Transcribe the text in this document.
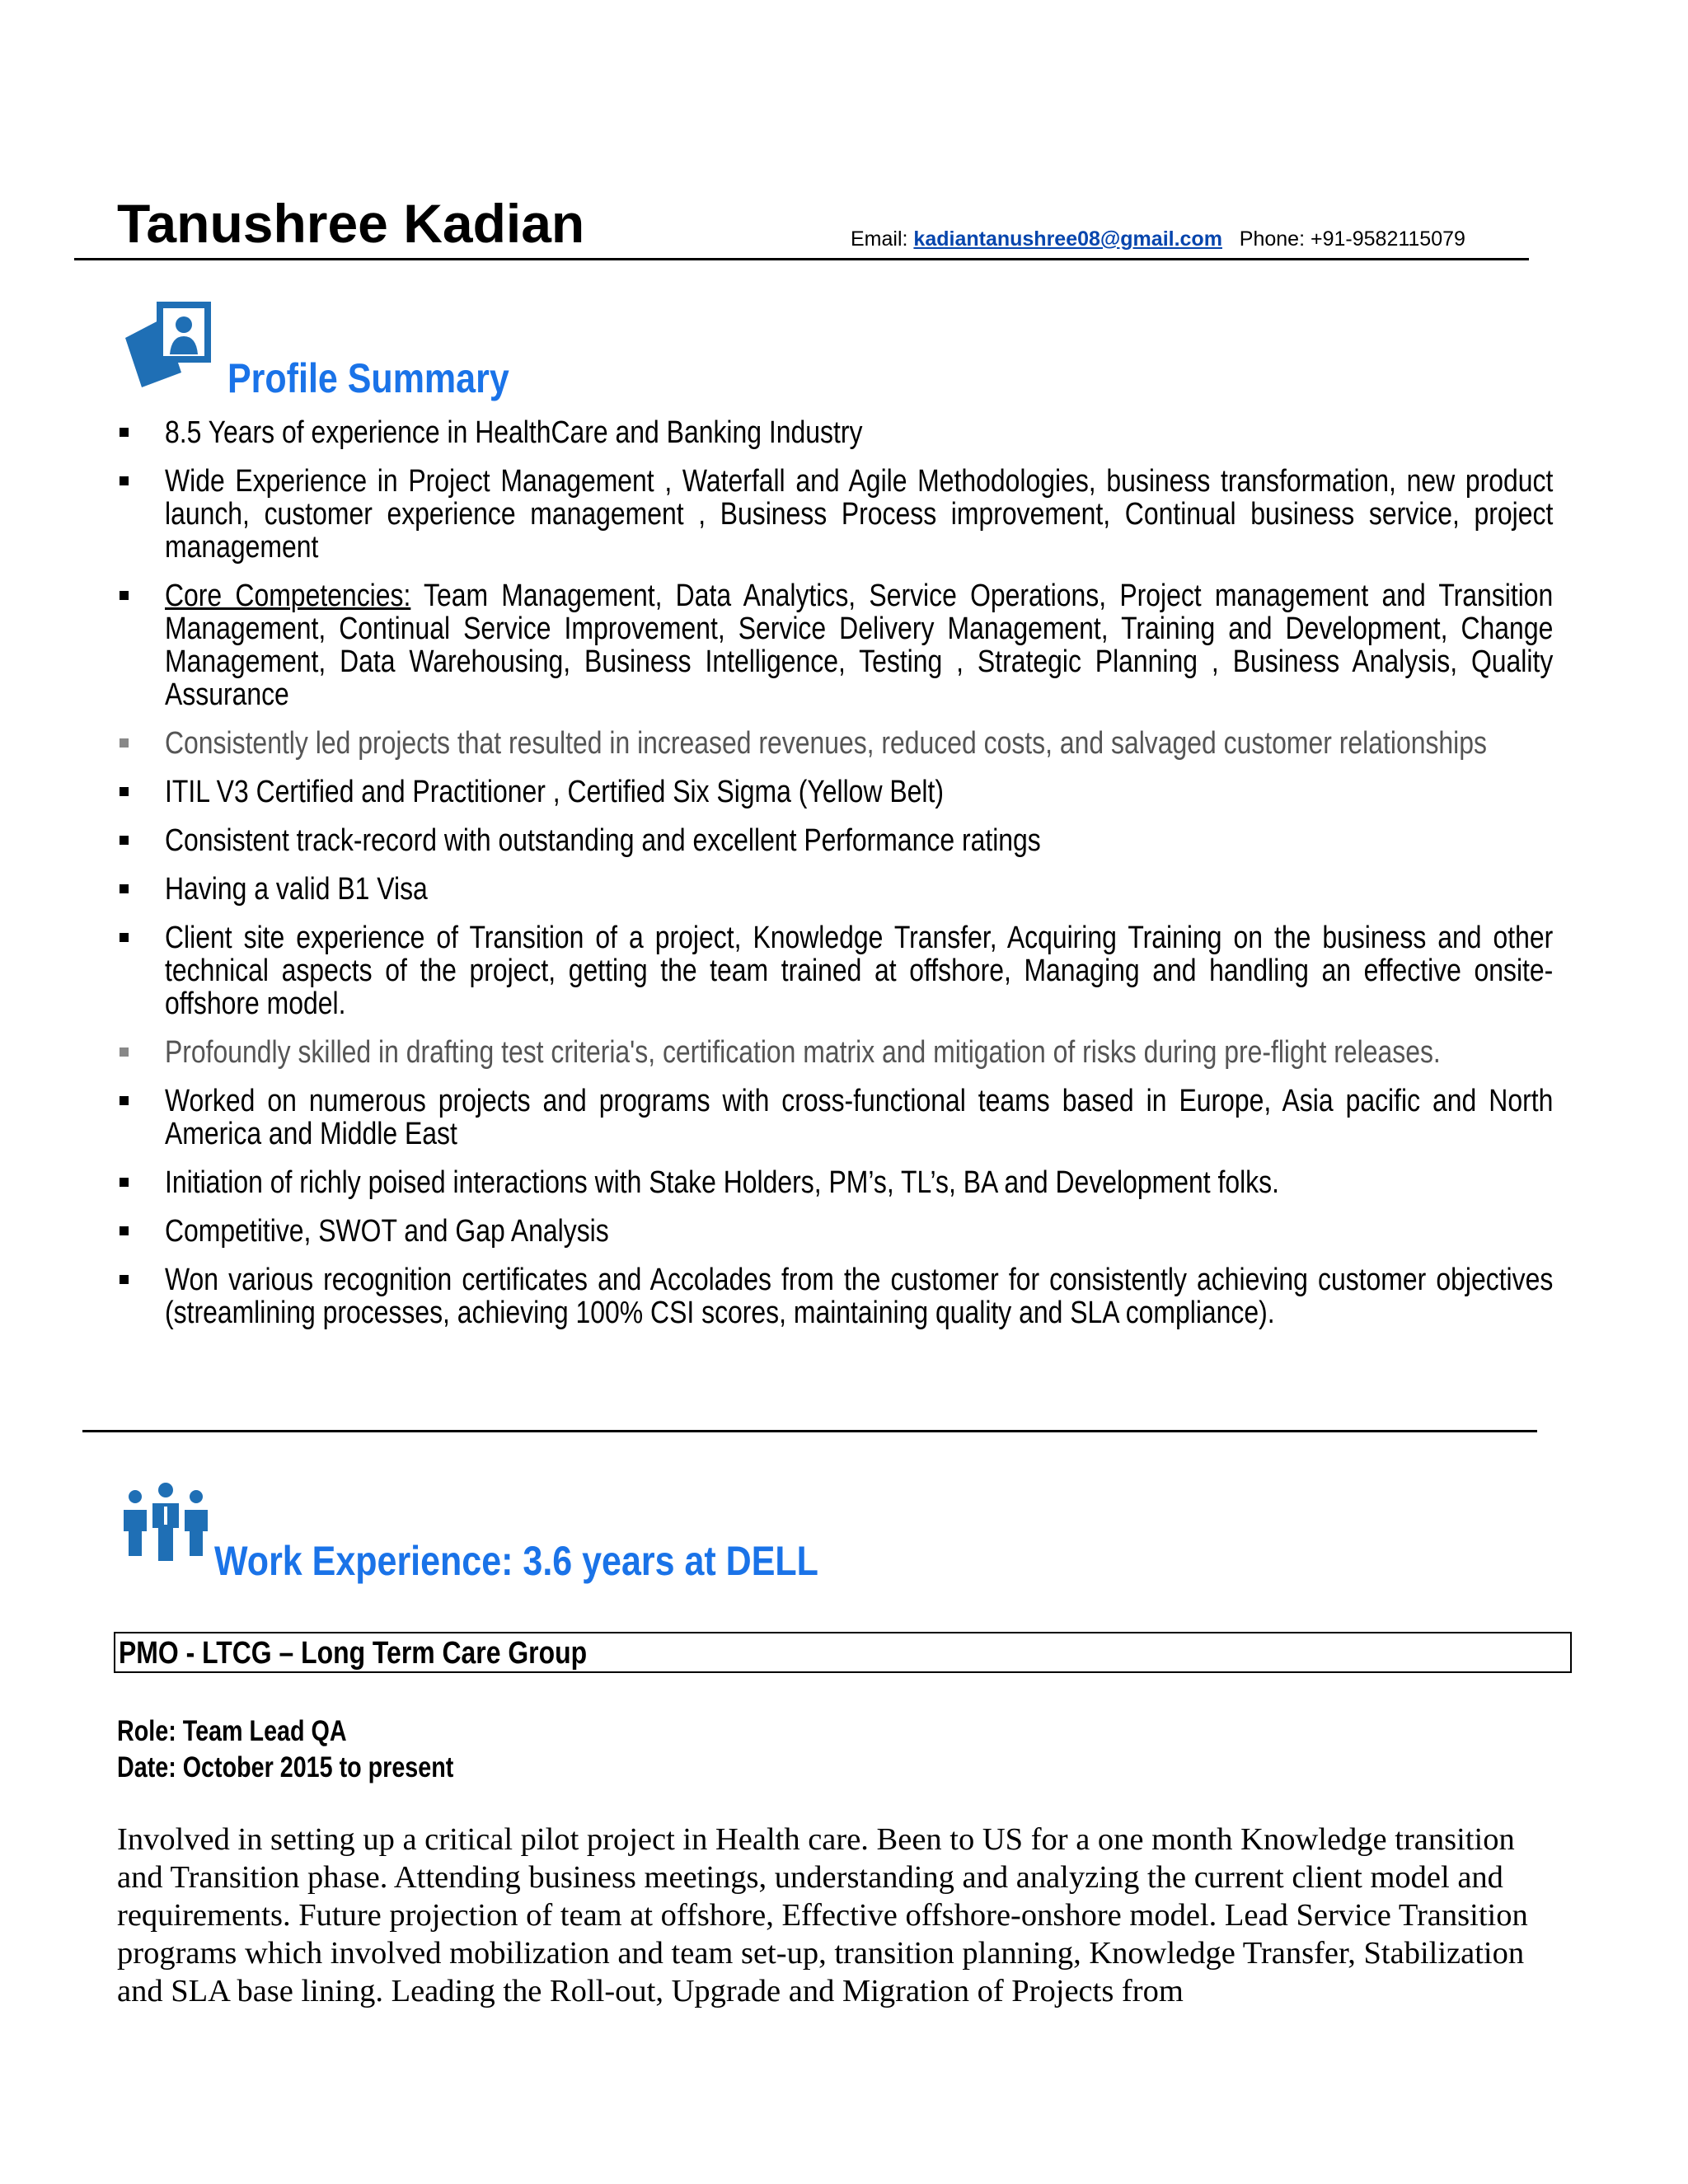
Tanushree Kadian	Email: kadiantanushree08@gmail.com Phone: +91-9582115079
Profile Summary
8.5 Years of experience in HealthCare and Banking Industry
Wide Experience in Project Management , Waterfall and Agile Methodologies, business transformation, new product launch, customer experience management , Business Process improvement, Continual business service, project management
Core Competencies: Team Management, Data Analytics, Service Operations, Project management and Transition Management, Continual Service Improvement, Service Delivery Management, Training and Development, Change Management, Data Warehousing, Business Intelligence, Testing , Strategic Planning , Business Analysis, Quality Assurance
Consistently led projects that resulted in increased revenues, reduced costs, and salvaged customer relationships
ITIL V3 Certified and Practitioner , Certified Six Sigma (Yellow Belt)
Consistent track-record with outstanding and excellent Performance ratings
Having a valid B1 Visa
Client site experience of Transition of a project, Knowledge Transfer, Acquiring Training on the business and other technical aspects of the project, getting the team trained at offshore, Managing and handling an effective onsite-offshore model.
Profoundly skilled in drafting test criteria's, certification matrix and mitigation of risks during pre-flight releases.
Worked on numerous projects and programs with cross-functional teams based in Europe, Asia pacific and North America and Middle East
Initiation of richly poised interactions with Stake Holders, PM’s, TL’s, BA and Development folks.
Competitive, SWOT and Gap Analysis
Won various recognition certificates and Accolades from the customer for consistently achieving customer objectives (streamlining processes, achieving 100% CSI scores, maintaining quality and SLA compliance).
Work Experience: 3.6 years at DELL
PMO - LTCG – Long Term Care Group
Role: Team Lead QA
Date: October 2015 to present
Involved in setting up a critical pilot project in Health care. Been to US for a one month Knowledge transition and Transition phase. Attending business meetings, understanding and analyzing the current client model and requirements. Future projection of team at offshore, Effective offshore-onshore model. Lead Service Transition programs which involved mobilization and team set-up, transition planning, Knowledge Transfer, Stabilization and SLA base lining. Leading the Roll-out, Upgrade and Migration of Projects from
